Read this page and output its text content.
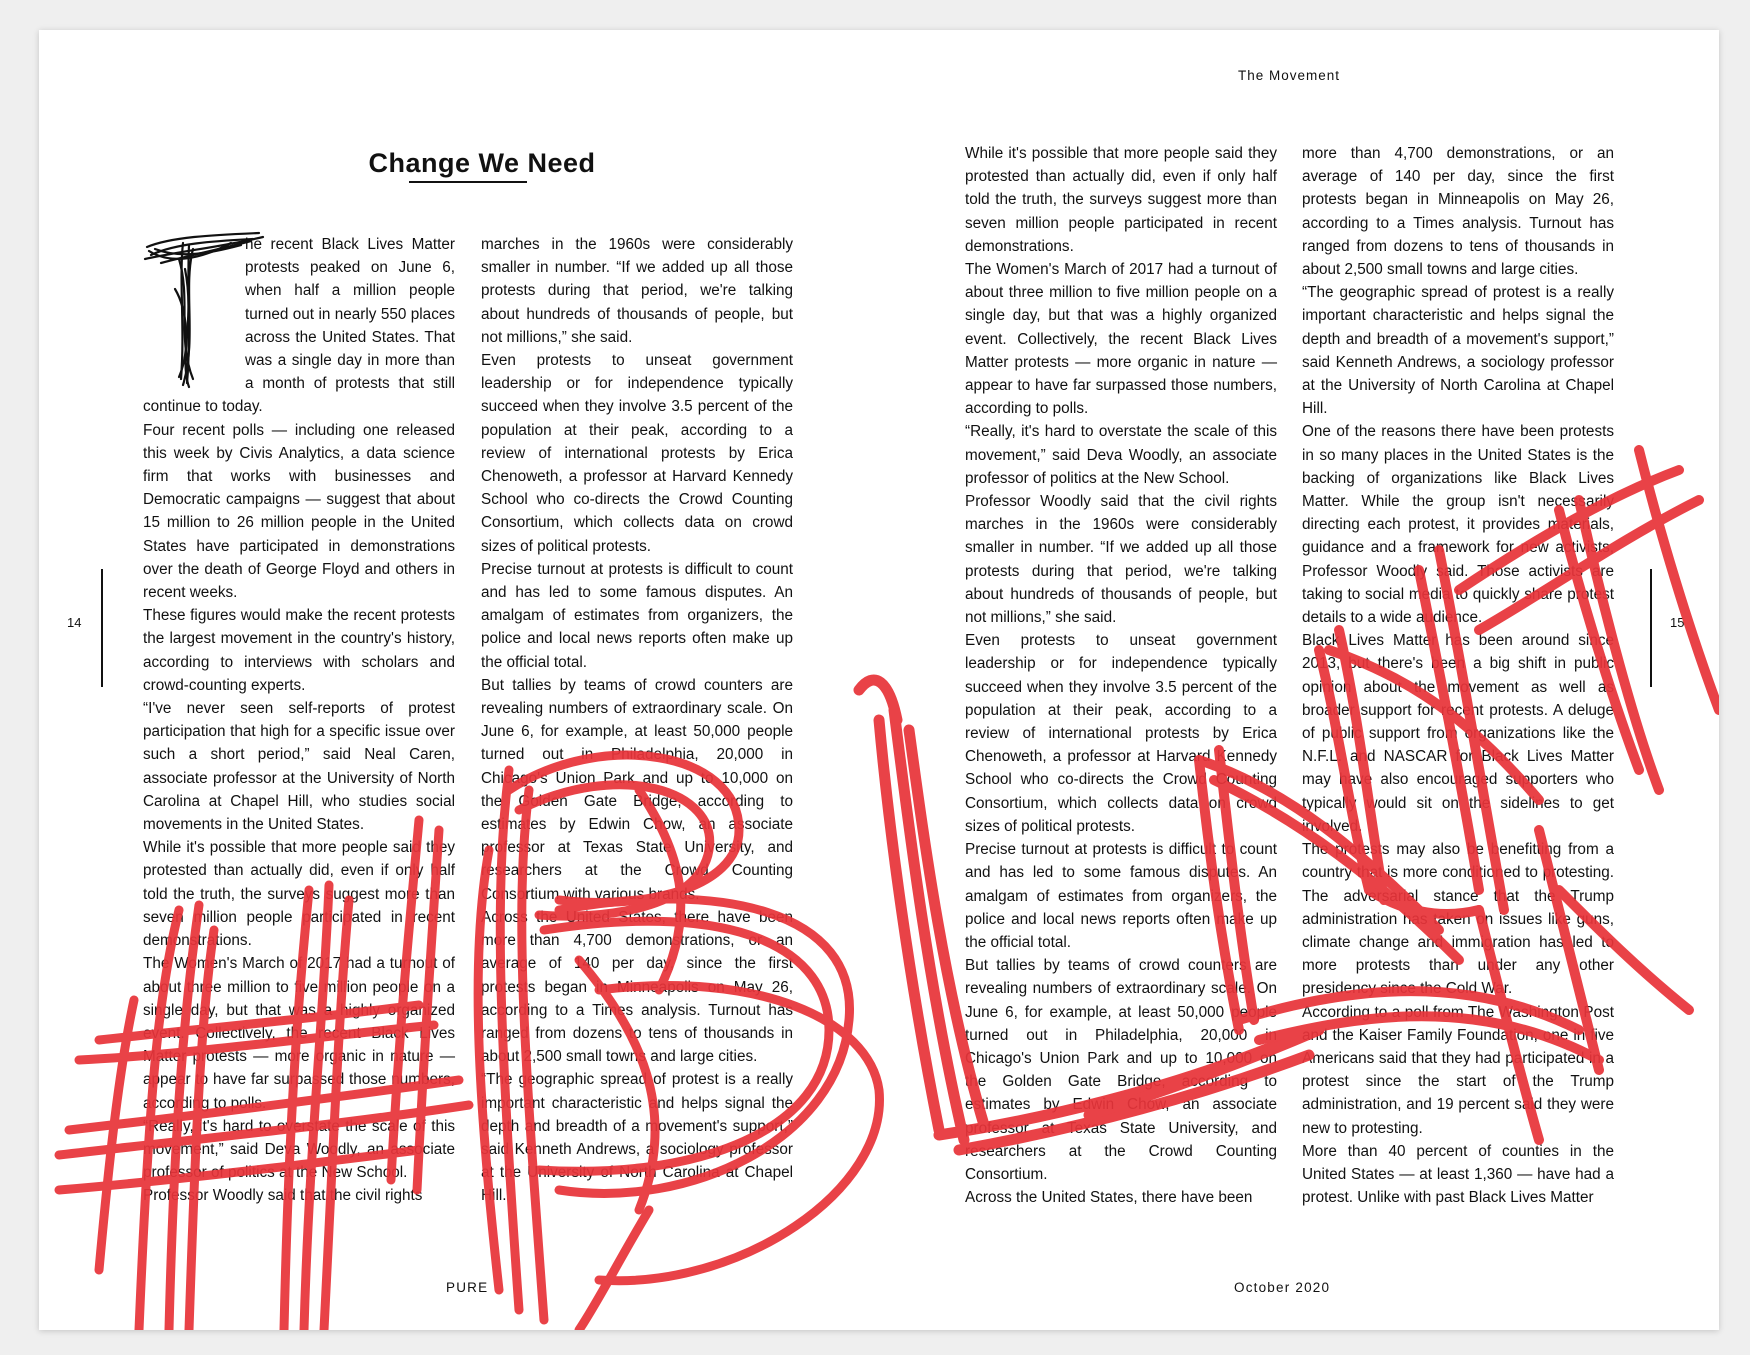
The Movement
Change We Need

he recent Black Lives Matter protests peaked on June 6, when half a million people turned out in nearly 550 places across the United States. That was a single day in more than a month of protests that still continue to today.

Four recent polls — including one released this week by Civis Analytics, a data science firm that works with businesses and Democratic campaigns — suggest that about 15 million to 26 million people in the United States have participated in demonstrations over the death of George Floyd and others in recent weeks.

These figures would make the recent protests the largest movement in the country's history, according to interviews with scholars and crowd-counting experts.

“I've never seen self-reports of protest participation that high for a specific issue over such a short period,” said Neal Caren, associate professor at the University of North Carolina at Chapel Hill, who studies social movements in the United States.

While it's possible that more people said they protested than actually did, even if only half told the truth, the surveys suggest more than seven million people participated in recent demonstrations.

The Women's March of 2017 had a turnout of about three million to five million people on a single day, but that was a highly organized event. Collectively, the recent Black Lives Matter protests — more organic in nature — appear to have far surpassed those numbers, according to polls.

“Really, it's hard to overstate the scale of this movement,” said Deva Woodly, an associate professor of politics at the New School.

Professor Woodly said that the civil rights

marches in the 1960s were considerably smaller in number. “If we added up all those protests during that period, we're talking about hundreds of thousands of people, but not millions,” she said.

Even protests to unseat government leadership or for independence typically succeed when they involve 3.5 percent of the population at their peak, according to a review of international protests by Erica Chenoweth, a professor at Harvard Kennedy School who co-directs the Crowd Counting Consortium, which collects data on crowd sizes of political protests.

Precise turnout at protests is difficult to count and has led to some famous disputes. An amalgam of estimates from organizers, the police and local news reports often make up the official total.

But tallies by teams of crowd counters are revealing numbers of extraordinary scale. On June 6, for example, at least 50,000 people turned out in Philadelphia, 20,000 in Chicago's Union Park and up to 10,000 on the Golden Gate Bridge, according to estimates by Edwin Chow, an associate professor at Texas State University, and researchers at the Crowd Counting Consortium with various brands.

Across the United States, there have been more than 4,700 demonstrations, or an average of 140 per day, since the first protests began in Minneapolis on May 26, according to a Times analysis. Turnout has ranged from dozens to tens of thousands in about 2,500 small towns and large cities.

“The geographic spread of protest is a really important characteristic and helps signal the depth and breadth of a movement's support,” said Kenneth Andrews, a sociology professor at the University of North Carolina at Chapel Hill.

While it's possible that more people said they protested than actually did, even if only half told the truth, the surveys suggest more than seven million people participated in recent demonstrations.

The Women's March of 2017 had a turnout of about three million to five million people on a single day, but that was a highly organized event. Collectively, the recent Black Lives Matter protests — more organic in nature — appear to have far surpassed those numbers, according to polls.

“Really, it's hard to overstate the scale of this movement,” said Deva Woodly, an associate professor of politics at the New School.

Professor Woodly said that the civil rights marches in the 1960s were considerably smaller in number. “If we added up all those protests during that period, we're talking about hundreds of thousands of people, but not millions,” she said.

Even protests to unseat government leadership or for independence typically succeed when they involve 3.5 percent of the population at their peak, according to a review of international protests by Erica Chenoweth, a professor at Harvard Kennedy School who co-directs the Crowd Counting Consortium, which collects data on crowd sizes of political protests.

Precise turnout at protests is difficult to count and has led to some famous disputes. An amalgam of estimates from organizers, the police and local news reports often make up the official total.

But tallies by teams of crowd counters are revealing numbers of extraordinary scale. On June 6, for example, at least 50,000 people turned out in Philadelphia, 20,000 in Chicago's Union Park and up to 10,000 on the Golden Gate Bridge, according to estimates by Edwin Chow, an associate professor at Texas State University, and researchers at the Crowd Counting Consortium.

Across the United States, there have been

more than 4,700 demonstrations, or an average of 140 per day, since the first protests began in Minneapolis on May 26, according to a Times analysis. Turnout has ranged from dozens to tens of thousands in about 2,500 small towns and large cities.

“The geographic spread of protest is a really important characteristic and helps signal the depth and breadth of a movement's support,” said Kenneth Andrews, a sociology professor at the University of North Carolina at Chapel Hill.

One of the reasons there have been protests in so many places in the United States is the backing of organizations like Black Lives Matter. While the group isn't necessarily directing each protest, it provides materials, guidance and a framework for new activists, Professor Woodly said. Those activists are taking to social media to quickly share protest details to a wide audience.

Black Lives Matter has been around since 2013, but there's been a big shift in public opinion about the movement as well as broader support for recent protests. A deluge of public support from organizations like the N.F.L. and NASCAR for Black Lives Matter may have also encouraged supporters who typically would sit on the sidelines to get involved.

The protests may also be benefitting from a country that is more conditioned to protesting. The adversarial stance that the Trump administration has taken on issues like guns, climate change and immigration has led to more protests than under any other presidency since the Cold War.

According to a poll from The Washington Post and the Kaiser Family Foundation, one in five Americans said that they had participated in a protest since the start of the Trump administration, and 19 percent said they were new to protesting.

More than 40 percent of counties in the United States — at least 1,360 — have had a protest. Unlike with past Black Lives Matter

14	15
PURE	October 2020
